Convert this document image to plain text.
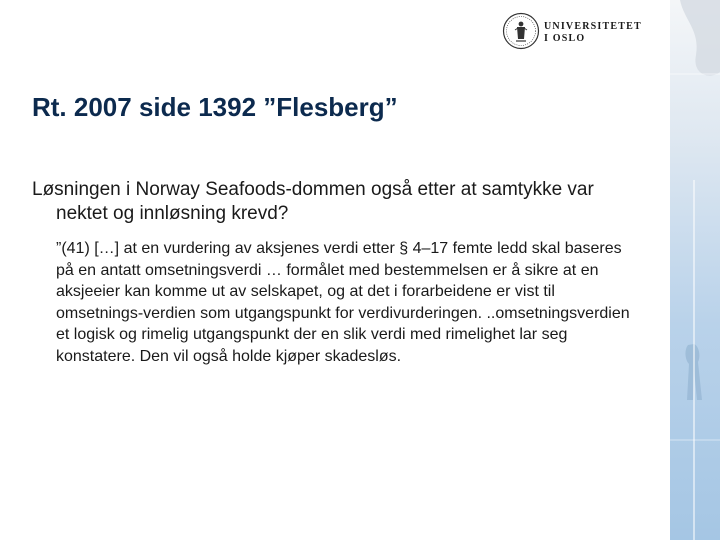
UNIVERSITETET
I OSLO
Rt. 2007 side 1392 ”Flesberg”

Løsningen i Norway Seafoods-dommen også etter at samtykke var nektet og innløsning krevd?

”(41) […] at en vurdering av aksjenes verdi etter § 4–17 femte ledd skal baseres på en antatt omsetningsverdi … formålet med bestemmelsen er å sikre at en aksjeeier kan komme ut av selskapet, og at det i forarbeidene er vist til omsetnings-verdien som utgangspunkt for verdivurderingen. ..omsetningsverdien et logisk og rimelig utgangspunkt der en slik verdi med rimelighet lar seg konstatere. Den vil også holde kjøper skadesløs.
